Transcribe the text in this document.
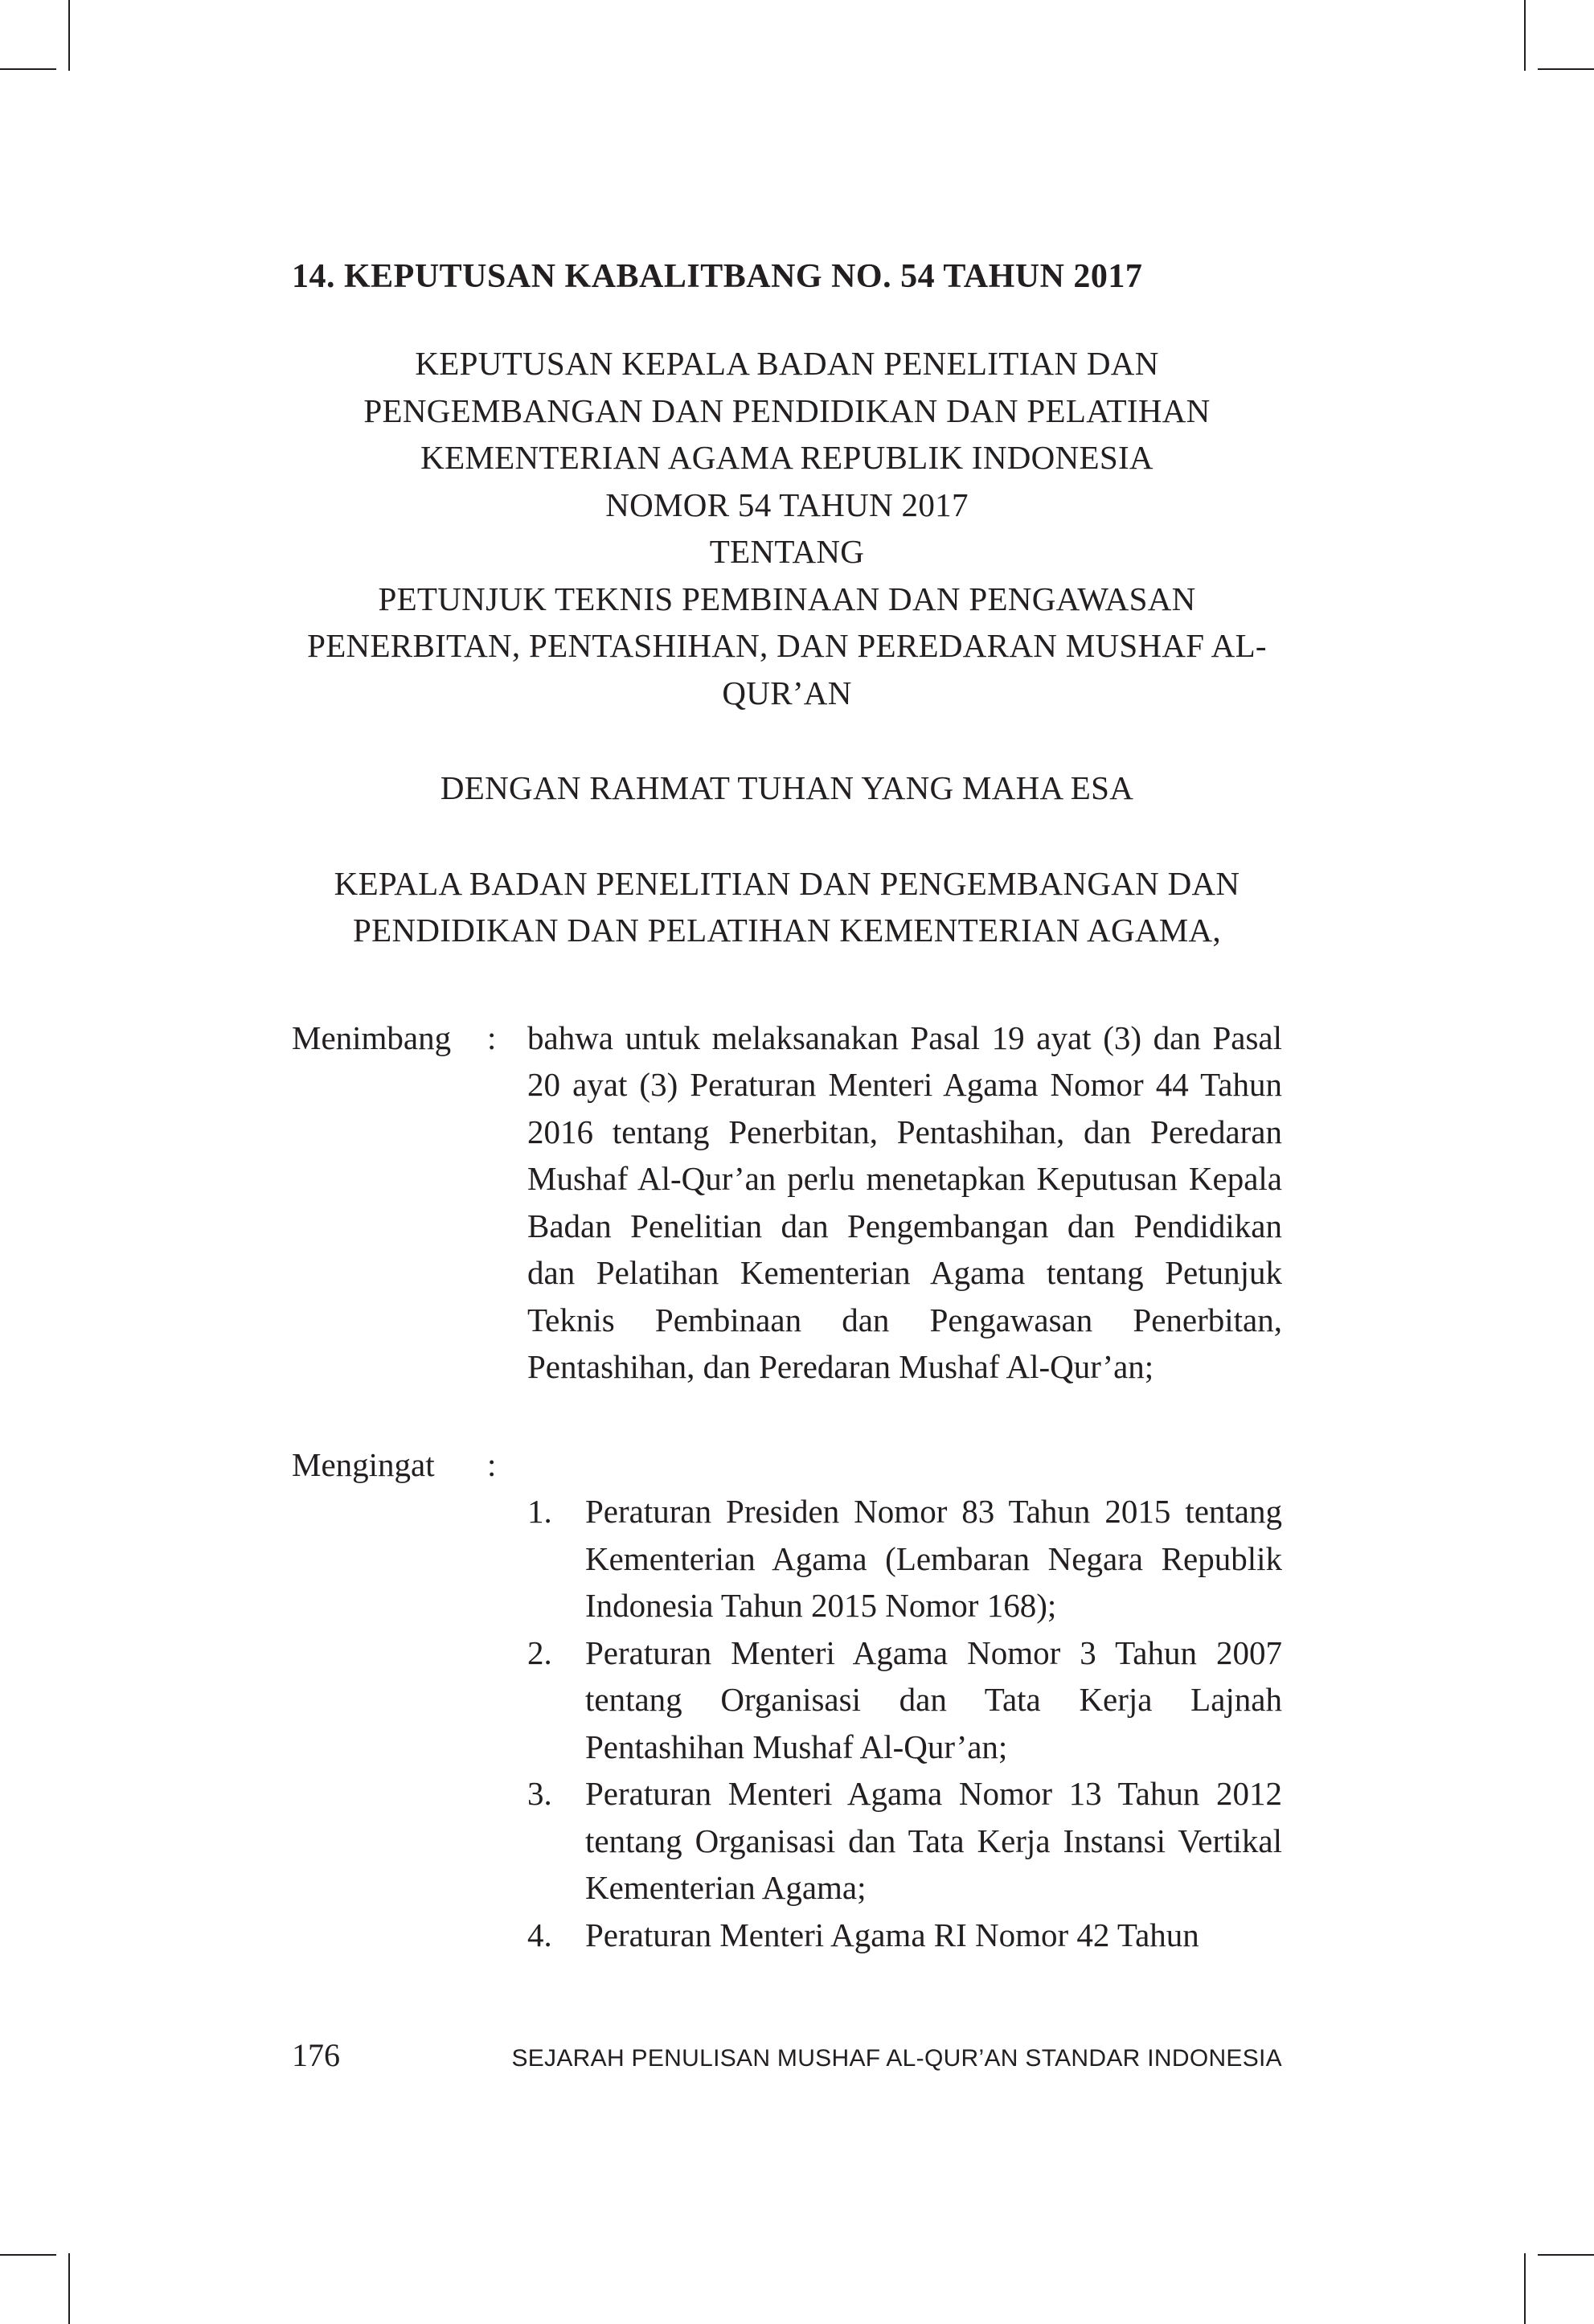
14. KEPUTUSAN KABALITBANG NO. 54 TAHUN 2017
KEPUTUSAN KEPALA BADAN PENELITIAN DAN
PENGEMBANGAN DAN PENDIDIKAN DAN PELATIHAN
KEMENTERIAN AGAMA REPUBLIK INDONESIA
NOMOR 54 TAHUN 2017
TENTANG
PETUNJUK TEKNIS PEMBINAAN DAN PENGAWASAN
PENERBITAN, PENTASHIHAN, DAN PEREDARAN MUSHAF AL-
QUR’AN
DENGAN RAHMAT TUHAN YANG MAHA ESA
KEPALA BADAN PENELITIAN DAN PENGEMBANGAN DAN
PENDIDIKAN DAN PELATIHAN KEMENTERIAN AGAMA,
Menimbang	: bahwa untuk melaksanakan Pasal 19 ayat (3) dan Pasal 20 ayat (3) Peraturan Menteri Agama Nomor 44 Tahun 2016 tentang Penerbitan, Pentashihan, dan Peredaran Mushaf Al-Qur’an perlu menetapkan Keputusan Kepala Badan Penelitian dan Pengembangan dan Pendidikan dan Pelatihan Kementerian Agama tentang Petunjuk Teknis Pembinaan dan Pengawasan Penerbitan, Pentashihan, dan Peredaran Mushaf Al-Qur’an;
Mengingat	:
1.	Peraturan Presiden Nomor 83 Tahun 2015 tentang Kementerian Agama (Lembaran Negara Republik Indonesia Tahun 2015 Nomor 168);
2.	Peraturan Menteri Agama Nomor 3 Tahun 2007 tentang Organisasi dan Tata Kerja Lajnah Pentashihan Mushaf Al-Qur’an;
3.	Peraturan Menteri Agama Nomor 13 Tahun 2012 tentang Organisasi dan Tata Kerja Instansi Vertikal Kementerian Agama;
4.	Peraturan Menteri Agama RI Nomor 42 Tahun
176	SEJARAH PENULISAN MUSHAF AL-QUR’AN STANDAR INDONESIA
